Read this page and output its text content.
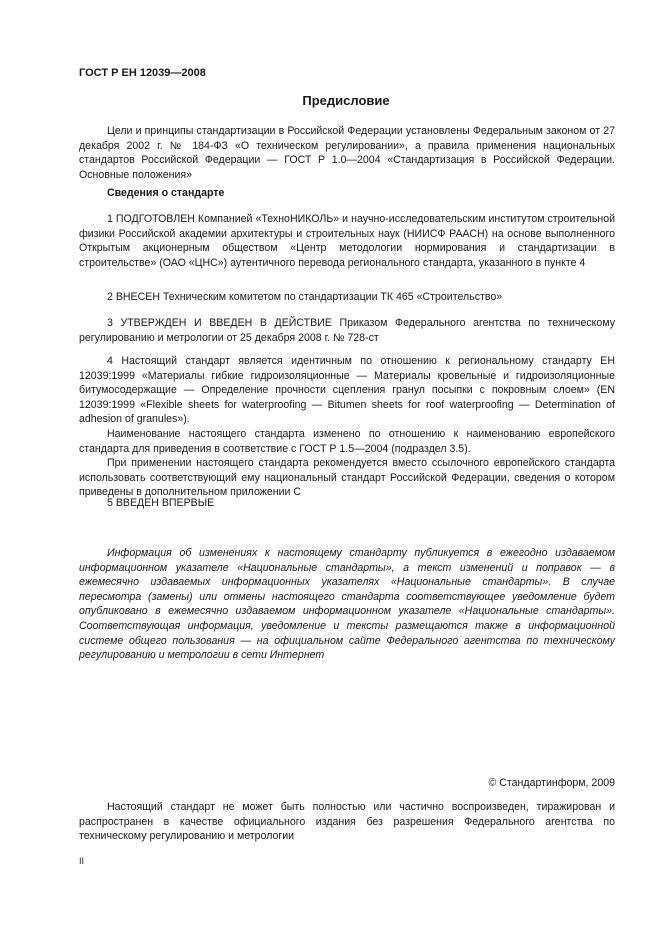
ГОСТ Р ЕН 12039—2008
Предисловие

Цели и принципы стандартизации в Российской Федерации установлены Федеральным законом от 27 декабря 2002 г. № 184-ФЗ «О техническом регулировании», а правила применения национальных стандартов Российской Федерации — ГОСТ Р 1.0—2004 «Стандартизация в Российской Федерации. Основные положения»

Сведения о стандарте

1 ПОДГОТОВЛЕН Компанией «ТехноНИКОЛЬ» и научно-исследовательским институтом строительной физики Российской академии архитектуры и строительных наук (НИИСФ РААСН) на основе выполненного Открытым акционерным обществом «Центр методологии нормирования и стандартизации в строительстве» (ОАО «ЦНС») аутентичного перевода регионального стандарта, указанного в пункте 4

2 ВНЕСЕН Техническим комитетом по стандартизации ТК 465 «Строительство»

3 УТВЕРЖДЕН И ВВЕДЕН В ДЕЙСТВИЕ Приказом Федерального агентства по техническому регулированию и метрологии от 25 декабря 2008 г. № 728-ст

4 Настоящий стандарт является идентичным по отношению к региональному стандарту ЕН 12039:1999 «Материалы гибкие гидроизоляционные — Материалы кровельные и гидроизоляционные битумосодержащие — Определение прочности сцепления гранул посыпки с покровным слоем» (EN 12039:1999 «Flexible sheets for waterproofing — Bitumen sheets for roof waterproofing — Determination of adhesion of granules»).

Наименование настоящего стандарта изменено по отношению к наименованию европейского стандарта для приведения в соответствие с ГОСТ Р 1.5—2004 (подраздел 3.5).

При применении настоящего стандарта рекомендуется вместо ссылочного европейского стандарта использовать соответствующий ему национальный стандарт Российской Федерации, сведения о котором приведены в дополнительном приложении С

5 ВВЕДЕН ВПЕРВЫЕ

Информация об изменениях к настоящему стандарту публикуется в ежегодно издаваемом информационном указателе «Национальные стандарты», а текст изменений и поправок — в ежемесячно издаваемых информационных указателях «Национальные стандарты». В случае пересмотра (замены) или отмены настоящего стандарта соответствующее уведомление будет опубликовано в ежемесячно издаваемом информационном указателе «Национальные стандарты». Соответствующая информация, уведомление и тексты размещаются также в информационной системе общего пользования — на официальном сайте Федерального агентства по техническому регулированию и метрологии в сети Интернет

© Стандартинформ, 2009

Настоящий стандарт не может быть полностью или частично воспроизведен, тиражирован и распространен в качестве официального издания без разрешения Федерального агентства по техническому регулированию и метрологии

II
